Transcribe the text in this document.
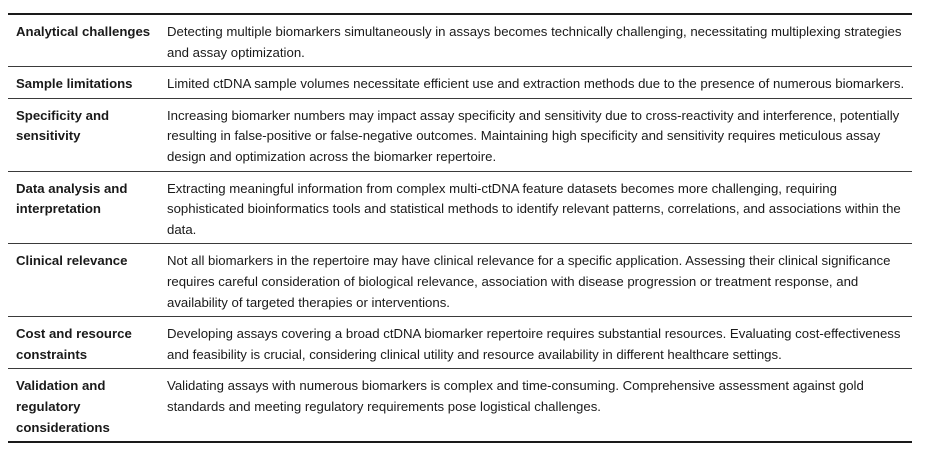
Analytical challenges	Detecting multiple biomarkers simultaneously in assays becomes technically challenging, necessitating multiplexing strategies and assay optimization.
Sample limitations	Limited ctDNA sample volumes necessitate efficient use and extraction methods due to the presence of numerous biomarkers.
Specificity and sensitivity	Increasing biomarker numbers may impact assay specificity and sensitivity due to cross-reactivity and interference, potentially resulting in false-positive or false-negative outcomes. Maintaining high specificity and sensitivity requires meticulous assay design and optimization across the biomarker repertoire.
Data analysis and interpretation	Extracting meaningful information from complex multi-ctDNA feature datasets becomes more challenging, requiring sophisticated bioinformatics tools and statistical methods to identify relevant patterns, correlations, and associations within the data.
Clinical relevance	Not all biomarkers in the repertoire may have clinical relevance for a specific application. Assessing their clinical significance requires careful consideration of biological relevance, association with disease progression or treatment response, and availability of targeted therapies or interventions.
Cost and resource constraints	Developing assays covering a broad ctDNA biomarker repertoire requires substantial resources. Evaluating cost-effectiveness and feasibility is crucial, considering clinical utility and resource availability in different healthcare settings.
Validation and regulatory considerations	Validating assays with numerous biomarkers is complex and time-consuming. Comprehensive assessment against gold standards and meeting regulatory requirements pose logistical challenges.
